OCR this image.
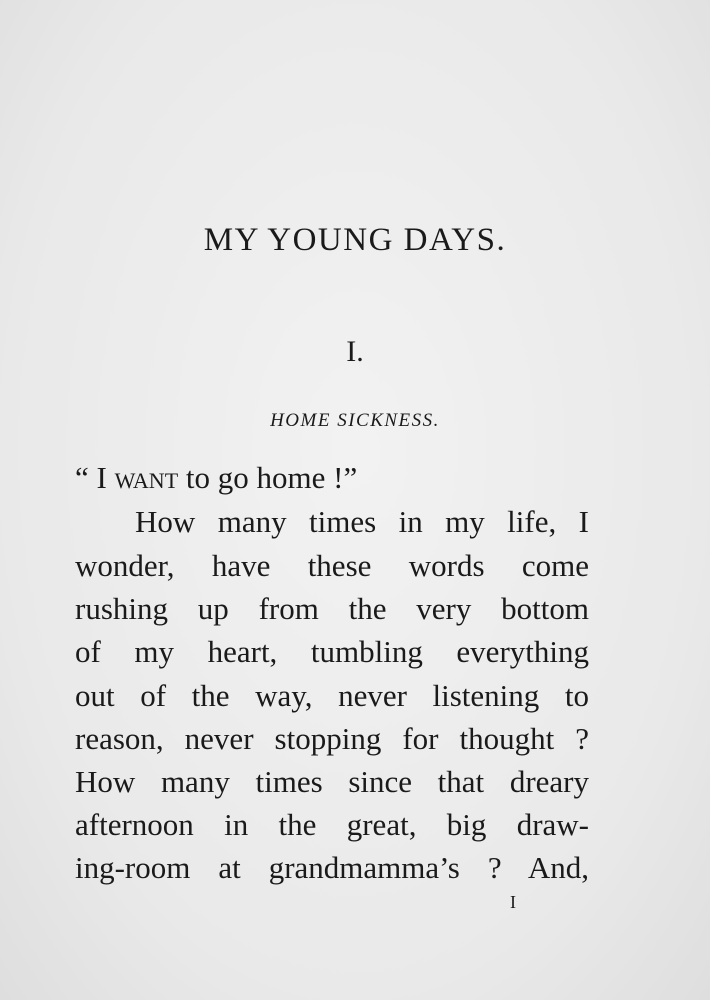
MY YOUNG DAYS.
I.
HOME SICKNESS.
“ I want to go home !”
How many times in my life, I
wonder, have these words come
rushing up from the very bottom
of my heart, tumbling everything
out of the way, never listening to
reason, never stopping for thought ?
How many times since that dreary
afternoon in the great, big draw-
ing-room at grandmamma’s ? And,
I
